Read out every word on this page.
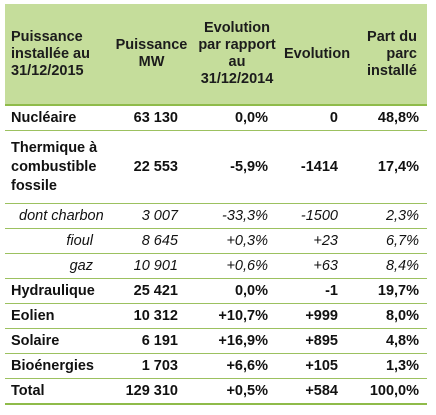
Puissance installée au 31/12/2015	Puissance MW	Evolution par rapport au 31/12/2014	Evolution	Part du parc installé
Nucléaire	63 130	0,0%	0	48,8%
Thermique à combustible fossile	22 553	-5,9%	-1414	17,4%
dont charbon	3 007	-33,3%	-1500	2,3%
fioul	8 645	+0,3%	+23	6,7%
gaz	10 901	+0,6%	+63	8,4%
Hydraulique	25 421	0,0%	-1	19,7%
Eolien	10 312	+10,7%	+999	8,0%
Solaire	6 191	+16,9%	+895	4,8%
Bioénergies	1 703	+6,6%	+105	1,3%
Total	129 310	+0,5%	+584	100,0%
